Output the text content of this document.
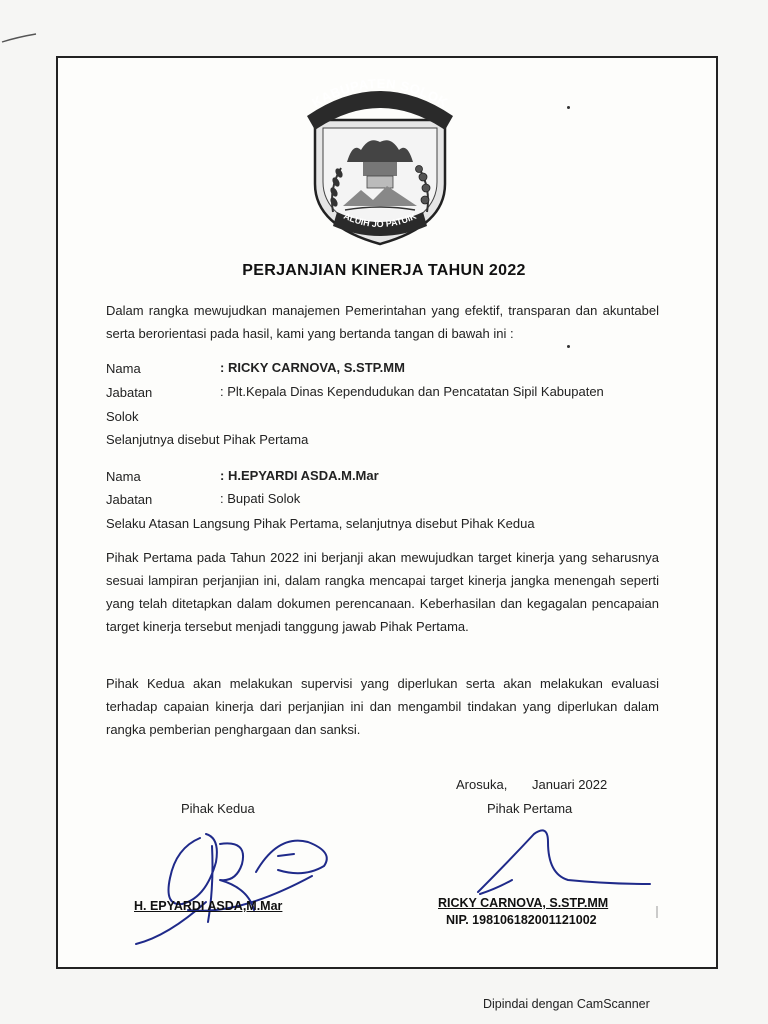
KABUPATEN SOLOK
ALUIH JO PATUIK
PERJANJIAN KINERJA TAHUN 2022

Dalam rangka mewujudkan manajemen Pemerintahan yang efektif, transparan dan akuntabel serta berorientasi pada hasil, kami yang bertanda tangan di bawah ini :

Nama	: RICKY CARNOVA, S.STP.MM
Jabatan	: Plt.Kepala Dinas Kependudukan dan Pencatatan Sipil Kabupaten
Solok
Selanjutnya disebut Pihak Pertama
Nama	: H.EPYARDI ASDA.M.Mar
Jabatan	: Bupati Solok
Selaku Atasan Langsung Pihak Pertama, selanjutnya disebut Pihak Kedua

Pihak Pertama pada Tahun 2022 ini berjanji akan mewujudkan target kinerja yang seharusnya sesuai lampiran perjanjian ini, dalam rangka mencapai target kinerja jangka menengah seperti yang telah ditetapkan dalam dokumen perencanaan. Keberhasilan dan kegagalan pencapaian target kinerja tersebut menjadi tanggung jawab Pihak Pertama.

Pihak Kedua akan melakukan supervisi yang diperlukan serta akan melakukan evaluasi terhadap capaian kinerja dari perjanjian ini dan mengambil tindakan yang diperlukan dalam rangka pemberian penghargaan dan sanksi.

Arosuka, Januari 2022
Pihak Kedua
H. EPYARDI ASDA,M.Mar
Pihak Pertama
RICKY CARNOVA, S.STP.MM
NIP. 198106182001121002
Dipindai dengan CamScanner
